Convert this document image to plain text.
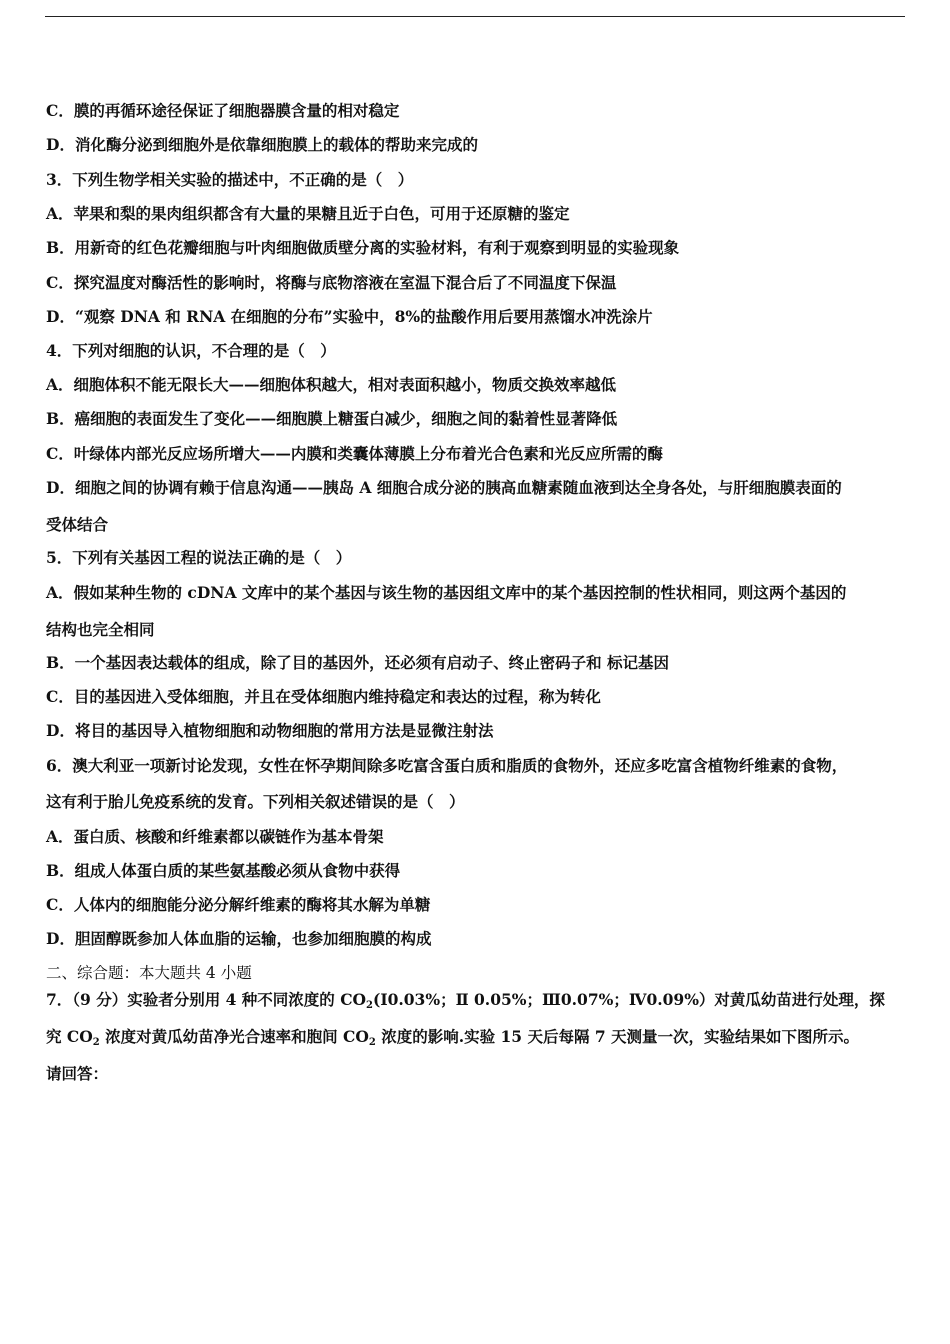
C．膜的再循环途径保证了细胞器膜含量的相对稳定
D．消化酶分泌到细胞外是依靠细胞膜上的载体的帮助来完成的
3．下列生物学相关实验的描述中，不正确的是（　）
A．苹果和梨的果肉组织都含有大量的果糖且近于白色，可用于还原糖的鉴定
B．用新奇的红色花瓣细胞与叶肉细胞做质壁分离的实验材料，有利于观察到明显的实验现象
C．探究温度对酶活性的影响时，将酶与底物溶液在室温下混合后了不同温度下保温
D．“观察 DNA 和 RNA 在细胞的分布”实验中，8%的盐酸作用后要用蒸馏水冲洗涂片
4．下列对细胞的认识，不合理的是（　）
A．细胞体积不能无限长大——细胞体积越大，相对表面积越小，物质交换效率越低
B．癌细胞的表面发生了变化——细胞膜上糖蛋白减少，细胞之间的黏着性显著降低
C．叶绿体内部光反应场所增大——内膜和类囊体薄膜上分布着光合色素和光反应所需的酶
D．细胞之间的协调有赖于信息沟通——胰岛 A 细胞合成分泌的胰高血糖素随血液到达全身各处，与肝细胞膜表面的
受体结合
5．下列有关基因工程的说法正确的是（　）
A．假如某种生物的 cDNA 文库中的某个基因与该生物的基因组文库中的某个基因控制的性状相同，则这两个基因的
结构也完全相同
B．一个基因表达载体的组成，除了目的基因外，还必须有启动子、终止密码子和 标记基因
C．目的基因进入受体细胞，并且在受体细胞内维持稳定和表达的过程，称为转化
D．将目的基因导入植物细胞和动物细胞的常用方法是显微注射法
6．澳大利亚一项新讨论发现，女性在怀孕期间除多吃富含蛋白质和脂质的食物外，还应多吃富含植物纤维素的食物，
这有利于胎儿免疫系统的发育。下列相关叙述错误的是（　）
A．蛋白质、核酸和纤维素都以碳链作为基本骨架
B．组成人体蛋白质的某些氨基酸必须从食物中获得
C．人体内的细胞能分泌分解纤维素的酶将其水解为单糖
D．胆固醇既参加人体血脂的运输，也参加细胞膜的构成
二、综合题：本大题共 4 小题
7．（9 分）实验者分别用 4 种不同浓度的 $CO_2(Ⅰ0.03\%$；Ⅱ 0.05%；Ⅲ0.07%；Ⅳ0.09%）对黄瓜幼苗进行处理，探
究 $CO_2$ 浓度对黄瓜幼苗净光合速率和胞间 $CO_2$ 浓度的影响.实验 15 天后每隔 7 天测量一次，实验结果如下图所示。
请回答：
